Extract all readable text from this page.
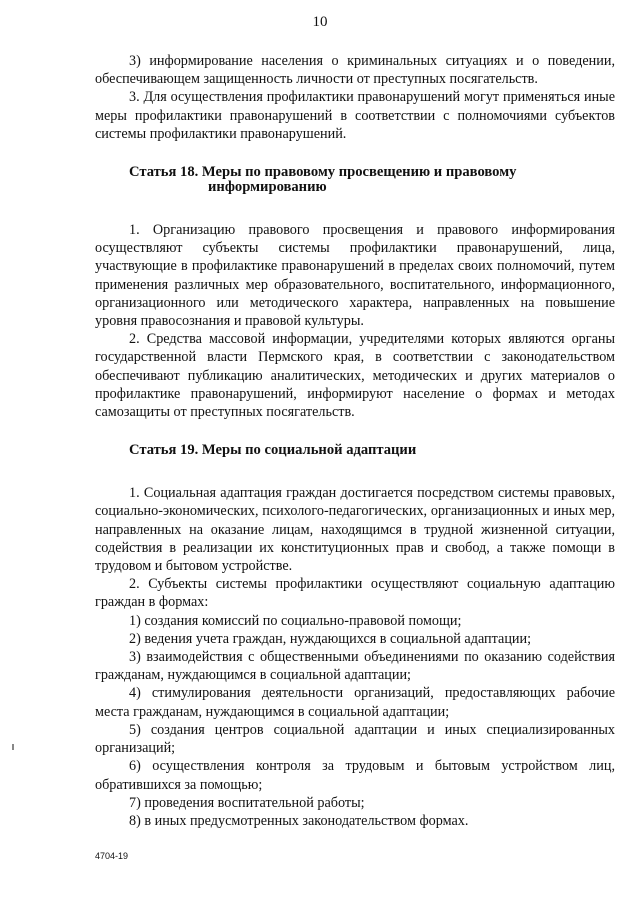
10

3) информирование населения о криминальных ситуациях и о поведении, обеспечивающем защищенность личности от преступных посягательств.

3. Для осуществления профилактики правонарушений могут применяться иные меры профилактики правонарушений в соответствии с полномочиями субъектов системы профилактики правонарушений.

Статья 18. Меры по правовому просвещению и правовому
информированию

1. Организацию правового просвещения и правового информирования осуществляют субъекты системы профилактики правонарушений, лица, участвующие в профилактике правонарушений в пределах своих полномочий, путем применения различных мер образовательного, воспитательного, информационного, организационного или методического характера, направленных на повышение уровня правосознания и правовой культуры.

2. Средства массовой информации, учредителями которых являются органы государственной власти Пермского края, в соответствии с законодательством обеспечивают публикацию аналитических, методических и других материалов о профилактике правонарушений, информируют население о формах и методах самозащиты от преступных посягательств.

Статья 19. Меры по социальной адаптации

1. Социальная адаптация граждан достигается посредством системы правовых, социально-экономических, психолого-педагогических, организационных и иных мер, направленных на оказание лицам, находящимся в трудной жизненной ситуации, содействия в реализации их конституционных прав и свобод, а также помощи в трудовом и бытовом устройстве.

2. Субъекты системы профилактики осуществляют социальную адаптацию граждан в формах:

1) создания комиссий по социально-правовой помощи;

2) ведения учета граждан, нуждающихся в социальной адаптации;

3) взаимодействия с общественными объединениями по оказанию содействия гражданам, нуждающимся в социальной адаптации;

4) стимулирования деятельности организаций, предоставляющих рабочие места гражданам, нуждающимся в социальной адаптации;

5) создания центров социальной адаптации и иных специализированных организаций;

6) осуществления контроля за трудовым и бытовым устройством лиц, обратившихся за помощью;

7) проведения воспитательной работы;

8) в иных предусмотренных законодательством формах.

4704-19
